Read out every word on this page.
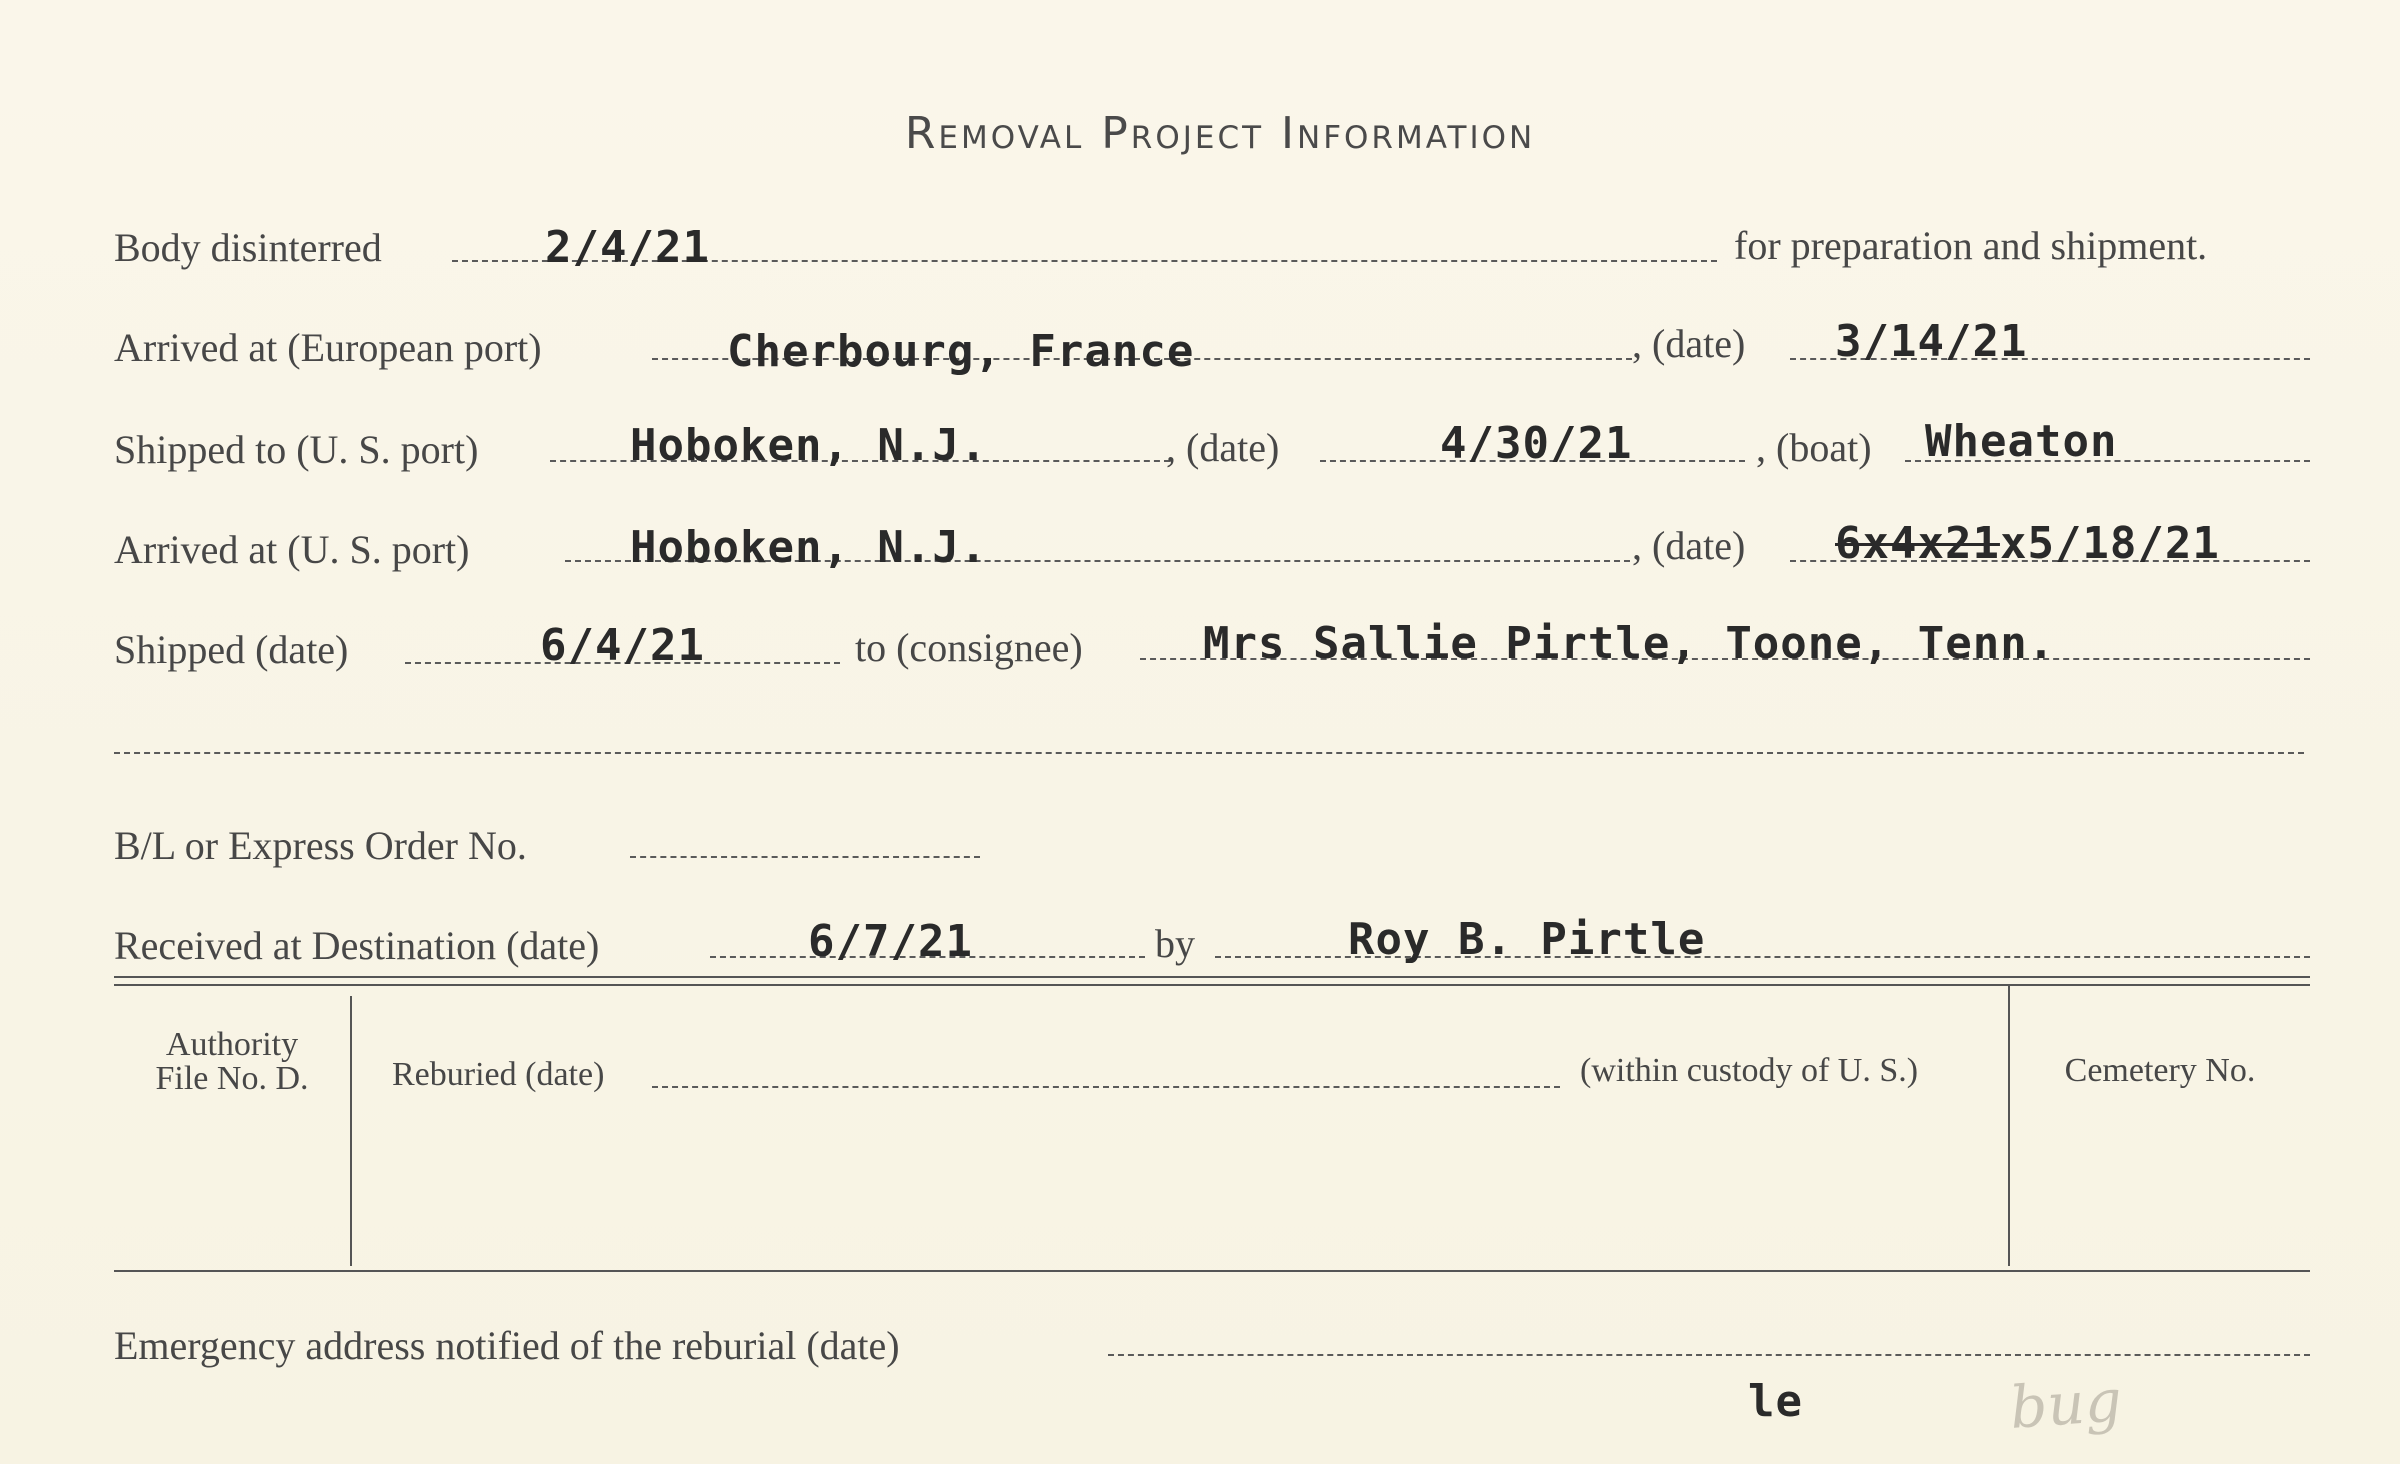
Removal Project Information
Body disinterred	2/4/21	for preparation and shipment.
Arrived at (European port)	Cherbourg, France	, (date) 3/14/21
Shipped to (U. S. port)	Hoboken, N.J.	, (date)	4/30/21	, (boat) Wheaton
Arrived at (U. S. port)	Hoboken, N.J.	, (date) 6x4x21x5/18/21
Shipped (date)	6/4/21	to (consignee)	Mrs Sallie Pirtle, Toone, Tenn.
B/L or Express Order No.
Received at Destination (date)	6/7/21	by	Roy B. Pirtle
Authority
File No. D.	Reburied (date)	(within custody of U. S.)	Cemetery No.
Emergency address notified of the reburial (date)
le	bug
